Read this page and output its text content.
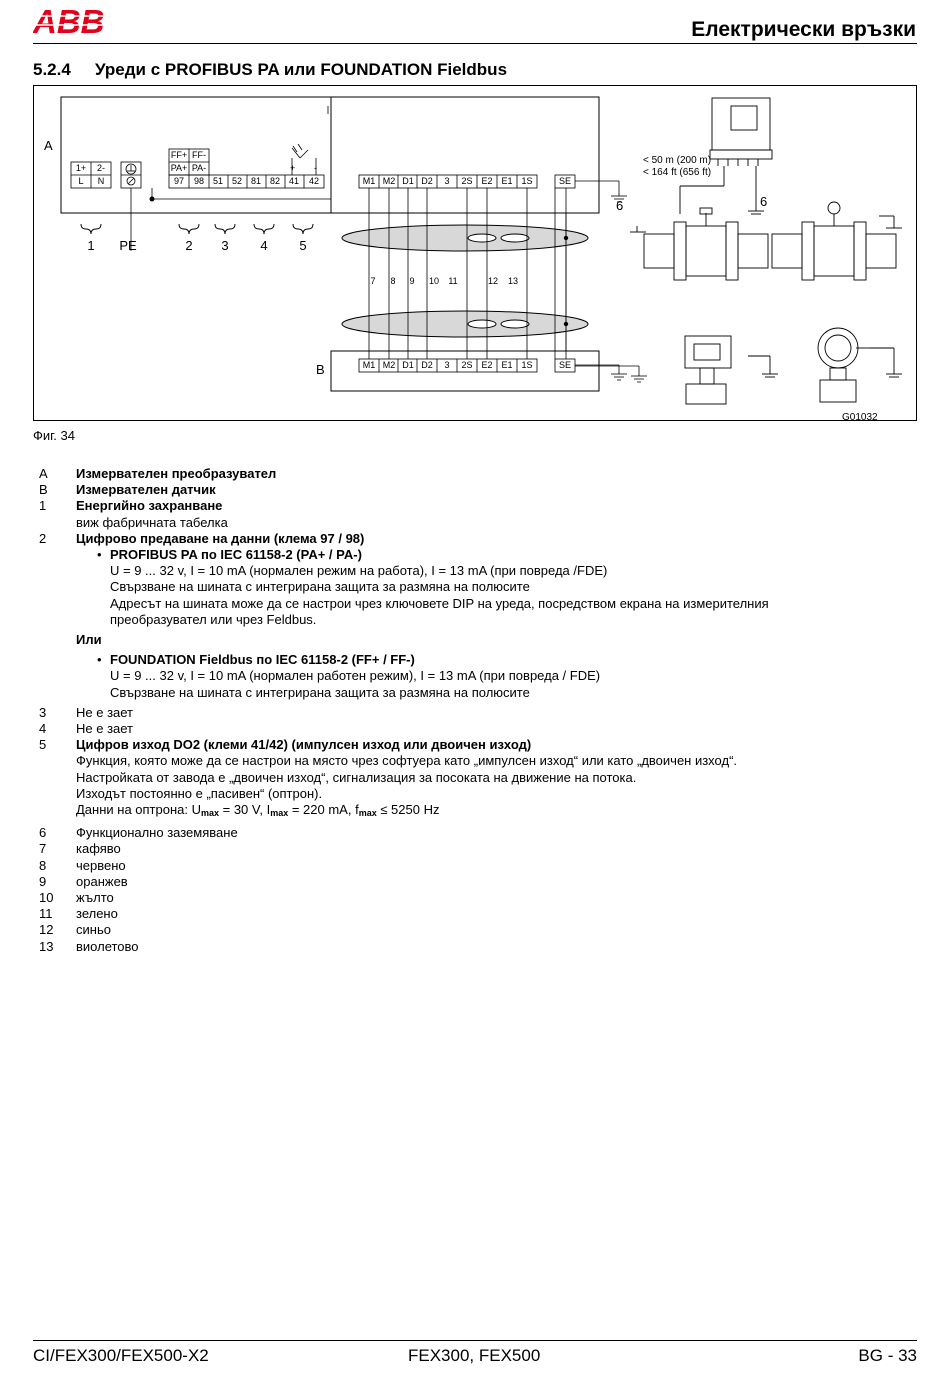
ABB	Електрически връзки
5.2.4 Уреди с PROFIBUS PA или FOUNDATION Fieldbus
A
B
G01032
< 50 m (200 m)
< 164 ft (656 ft)
6	6
+ -
1+ 2-
L N
FF+ FF-
PA+ PA-
97 98 51 52 81 82 41 42	M1
M1
M2
M2
D1
D1
D2
D2
3
3
2S
2S
E2
E2
E1
E1
1S
1S
SE
SE
1 PE	2 3 4 5
7 8 9 10 11	12 13
Фиг. 34
A	Измервателен преобразувател
B	Измервателен датчик
1	Енергийно захранване
виж фабричната табелка
2	Цифрово предаване на данни (клема 97 / 98)
• PROFIBUS PA по IEC 61158-2 (PA+ / PA-)
U = 9 ... 32 v, I = 10 mA (нормален режим на работа), I = 13 mA (при повреда /FDE)
Свързване на шината с интегрирана защита за размяна на полюсите
Адресът на шината може да се настрои чрез ключовете DIP на уреда, посредством екрана на измерителния
преобразувател или чрез Feldbus.
Или
• FOUNDATION Fieldbus по IEC 61158-2 (FF+ / FF-)
U = 9 ... 32 v, I = 10 mA (нормален работен режим), I = 13 mA (при повреда / FDE)
Свързване на шината с интегрирана защита за размяна на полюсите
3	Не е зает
4	Не е зает
5	Цифров изход DO2 (клеми 41/42) (импулсен изход или двоичен изход)
Функция, която може да се настрои на място чрез софтуера като „импулсен изход“ или като „двоичен изход“.
Настройката от завода е „двоичен изход“, сигнализация за посоката на движение на потока.
Изходът постоянно е „пасивен“ (оптрон).
Данни на оптрона: $U_{max} = 30$ V, $I_{max} = 220$ mA, $f_{max} \le 5250$ Hz
6	Функционално заземяване
7	кафяво
8	червено
9	оранжев
10	жълто
11	зелено
12	синьо
13	виолетово
CI/FEX300/FEX500-X2	FEX300, FEX500	BG - 33
